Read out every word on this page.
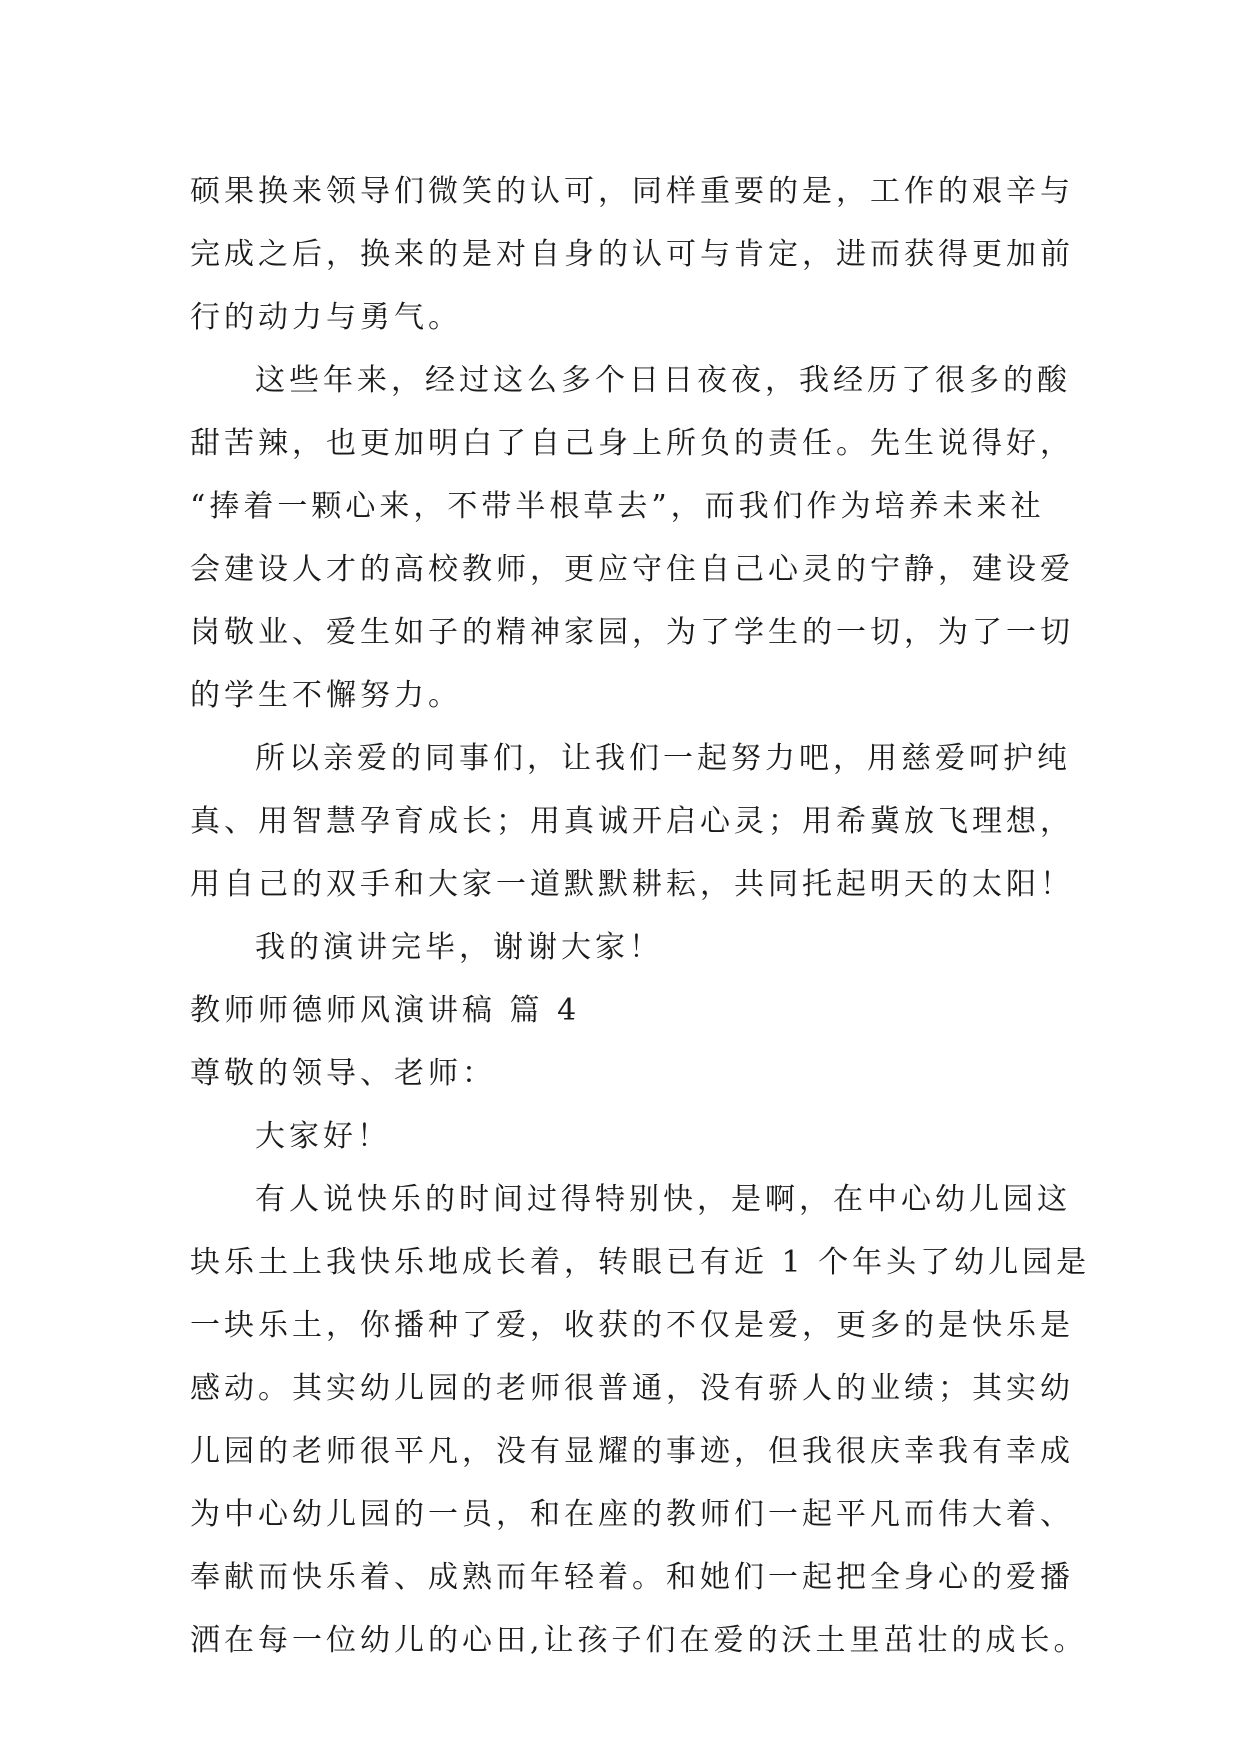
硕果换来领导们微笑的认可，同样重要的是，工作的艰辛与
完成之后，换来的是对自身的认可与肯定，进而获得更加前
行的动力与勇气。
这些年来，经过这么多个日日夜夜，我经历了很多的酸
甜苦辣，也更加明白了自己身上所负的责任。先生说得好，
“捧着一颗心来，不带半根草去”，而我们作为培养未来社
会建设人才的高校教师，更应守住自己心灵的宁静，建设爱
岗敬业、爱生如子的精神家园，为了学生的一切，为了一切
的学生不懈努力。
所以亲爱的同事们，让我们一起努力吧，用慈爱呵护纯
真、用智慧孕育成长；用真诚开启心灵；用希冀放飞理想，
用自己的双手和大家一道默默耕耘，共同托起明天的太阳！
我的演讲完毕，谢谢大家！
教师师德师风演讲稿 篇 4
尊敬的领导、老师：
大家好！
有人说快乐的时间过得特别快，是啊，在中心幼儿园这
块乐土上我快乐地成长着，转眼已有近 1 个年头了幼儿园是
一块乐土，你播种了爱，收获的不仅是爱，更多的是快乐是
感动。其实幼儿园的老师很普通，没有骄人的业绩；其实幼
儿园的老师很平凡，没有显耀的事迹，但我很庆幸我有幸成
为中心幼儿园的一员，和在座的教师们一起平凡而伟大着、
奉献而快乐着、成熟而年轻着。和她们一起把全身心的爱播
洒在每一位幼儿的心田,让孩子们在爱的沃土里茁壮的成长。
